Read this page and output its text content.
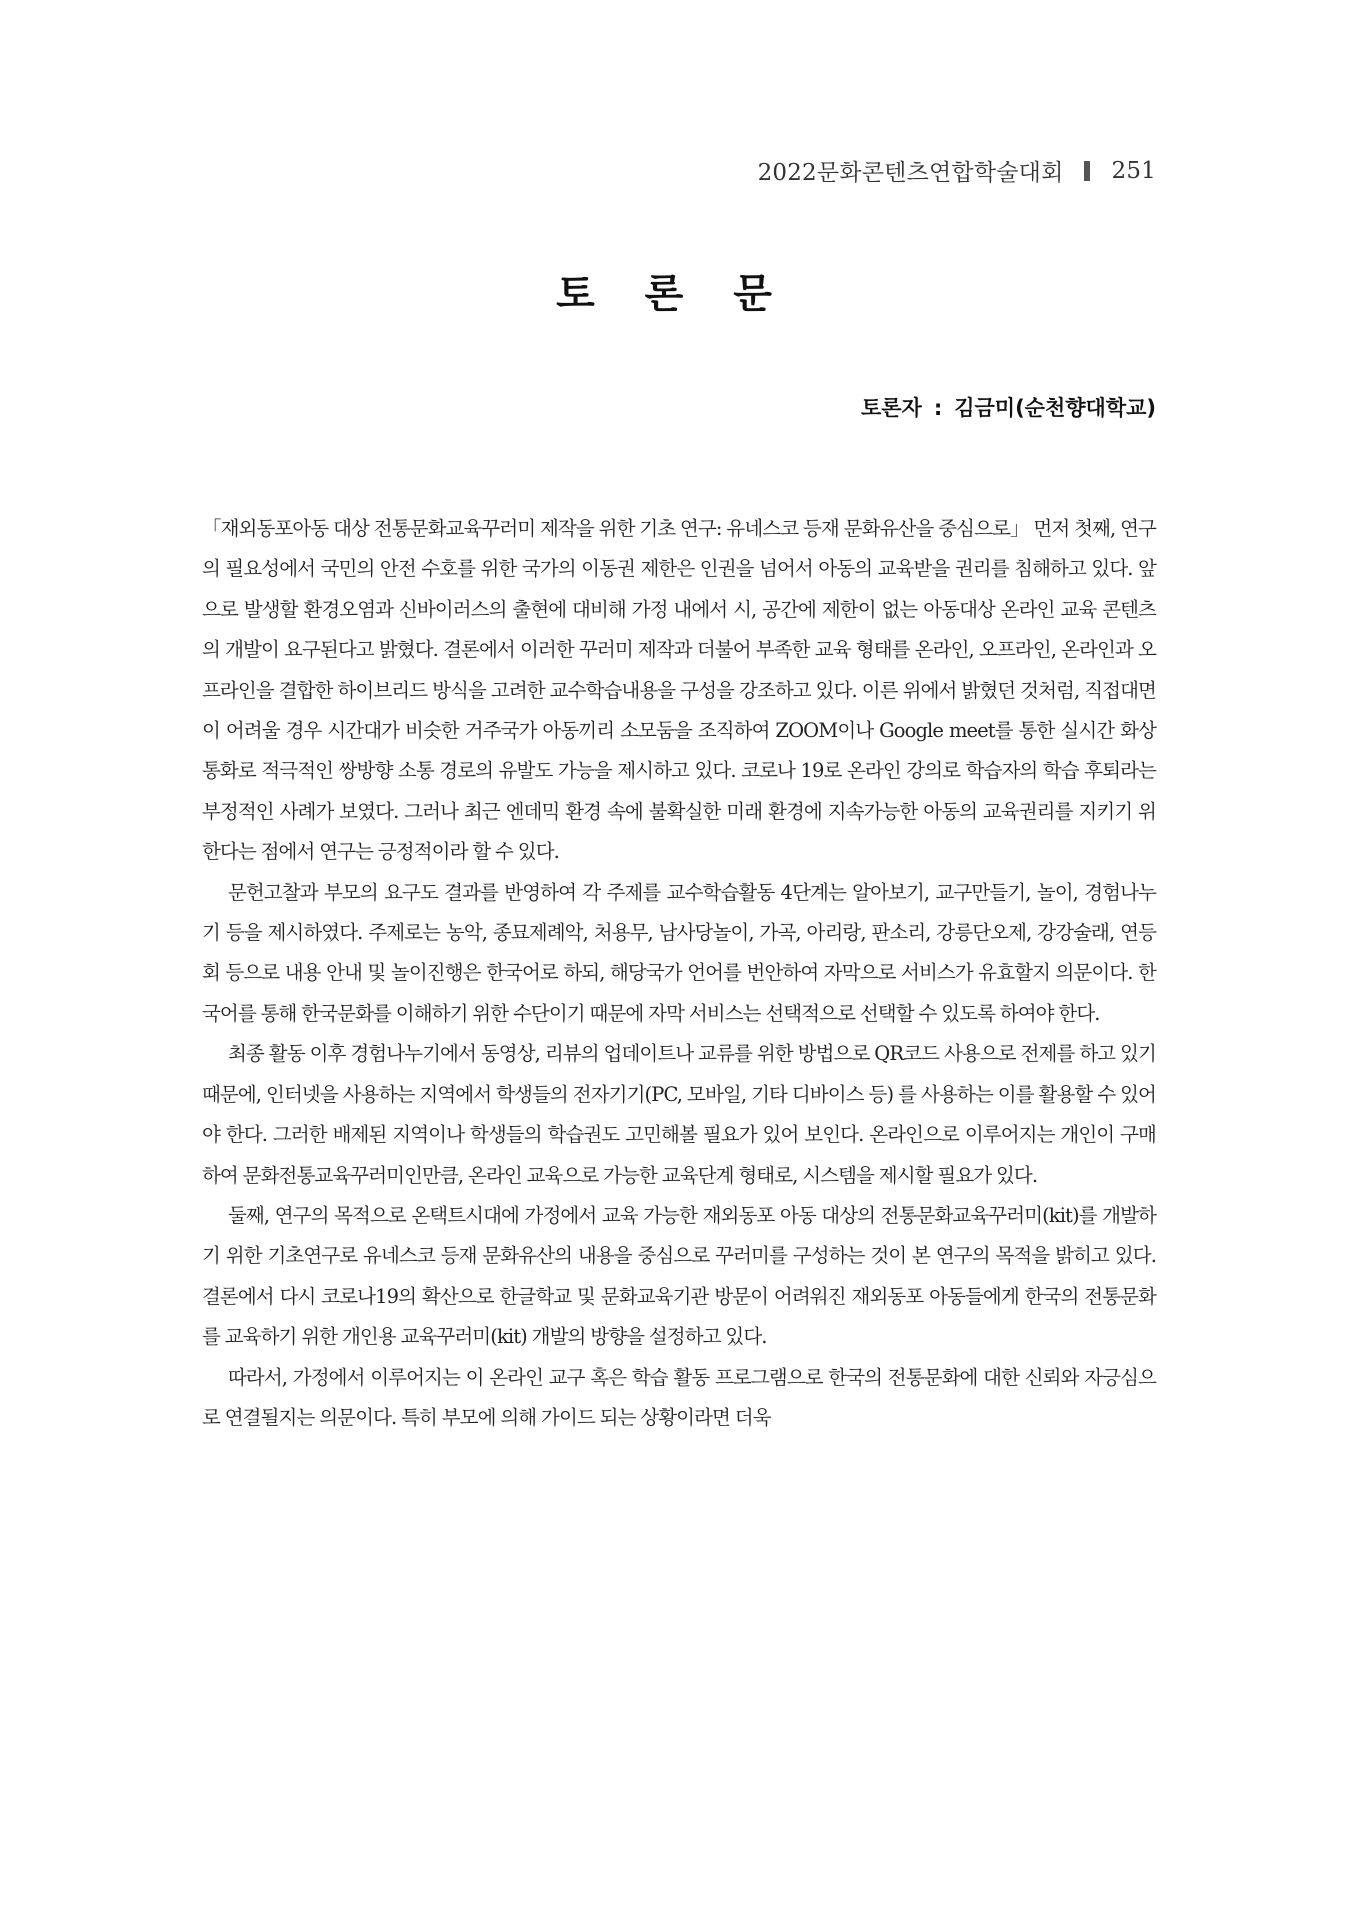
2022문화콘텐츠연합학술대회 251
토 론 문
토론자 : 김금미(순천향대학교)

「재외동포아동 대상 전통문화교육꾸러미 제작을 위한 기초 연구: 유네스코 등재 문화유산을 중심으로」 먼저 첫째, 연구의 필요성에서 국민의 안전 수호를 위한 국가의 이동권 제한은 인권을 넘어서 아동의 교육받을 권리를 침해하고 있다. 앞으로 발생할 환경오염과 신바이러스의 출현에 대비해 가정 내에서 시, 공간에 제한이 없는 아동대상 온라인 교육 콘텐츠의 개발이 요구된다고 밝혔다. 결론에서 이러한 꾸러미 제작과 더불어 부족한 교육 형태를 온라인, 오프라인, 온라인과 오프라인을 결합한 하이브리드 방식을 고려한 교수학습내용을 구성을 강조하고 있다. 이른 위에서 밝혔던 것처럼, 직접대면이 어려울 경우 시간대가 비슷한 거주국가 아동끼리 소모둠을 조직하여 ZOOM이나 Google meet를 통한 실시간 화상 통화로 적극적인 쌍방향 소통 경로의 유발도 가능을 제시하고 있다. 코로나 19로 온라인 강의로 학습자의 학습 후퇴라는 부정적인 사례가 보였다. 그러나 최근 엔데믹 환경 속에 불확실한 미래 환경에 지속가능한 아동의 교육권리를 지키기 위한다는 점에서 연구는 긍정적이라 할 수 있다.

문헌고찰과 부모의 요구도 결과를 반영하여 각 주제를 교수학습활동 4단계는 알아보기, 교구만들기, 놀이, 경험나누기 등을 제시하였다. 주제로는 농악, 종묘제례악, 처용무, 남사당놀이, 가곡, 아리랑, 판소리, 강릉단오제, 강강술래, 연등회 등으로 내용 안내 및 놀이진행은 한국어로 하되, 해당국가 언어를 번안하여 자막으로 서비스가 유효할지 의문이다. 한국어를 통해 한국문화를 이해하기 위한 수단이기 때문에 자막 서비스는 선택적으로 선택할 수 있도록 하여야 한다.

최종 활동 이후 경험나누기에서 동영상, 리뷰의 업데이트나 교류를 위한 방법으로 QR코드 사용으로 전제를 하고 있기 때문에, 인터넷을 사용하는 지역에서 학생들의 전자기기(PC, 모바일, 기타 디바이스 등) 를 사용하는 이를 활용할 수 있어야 한다. 그러한 배제된 지역이나 학생들의 학습권도 고민해볼 필요가 있어 보인다. 온라인으로 이루어지는 개인이 구매하여 문화전통교육꾸러미인만큼, 온라인 교육으로 가능한 교육단계 형태로, 시스템을 제시할 필요가 있다.

둘째, 연구의 목적으로 온택트시대에 가정에서 교육 가능한 재외동포 아동 대상의 전통문화교육꾸러미(kit)를 개발하기 위한 기초연구로 유네스코 등재 문화유산의 내용을 중심으로 꾸러미를 구성하는 것이 본 연구의 목적을 밝히고 있다. 결론에서 다시 코로나19의 확산으로 한글학교 및 문화교육기관 방문이 어려워진 재외동포 아동들에게 한국의 전통문화를 교육하기 위한 개인용 교육꾸러미(kit) 개발의 방향을 설정하고 있다.

따라서, 가정에서 이루어지는 이 온라인 교구 혹은 학습 활동 프로그램으로 한국의 전통문화에 대한 신뢰와 자긍심으로 연결될지는 의문이다. 특히 부모에 의해 가이드 되는 상황이라면 더욱
